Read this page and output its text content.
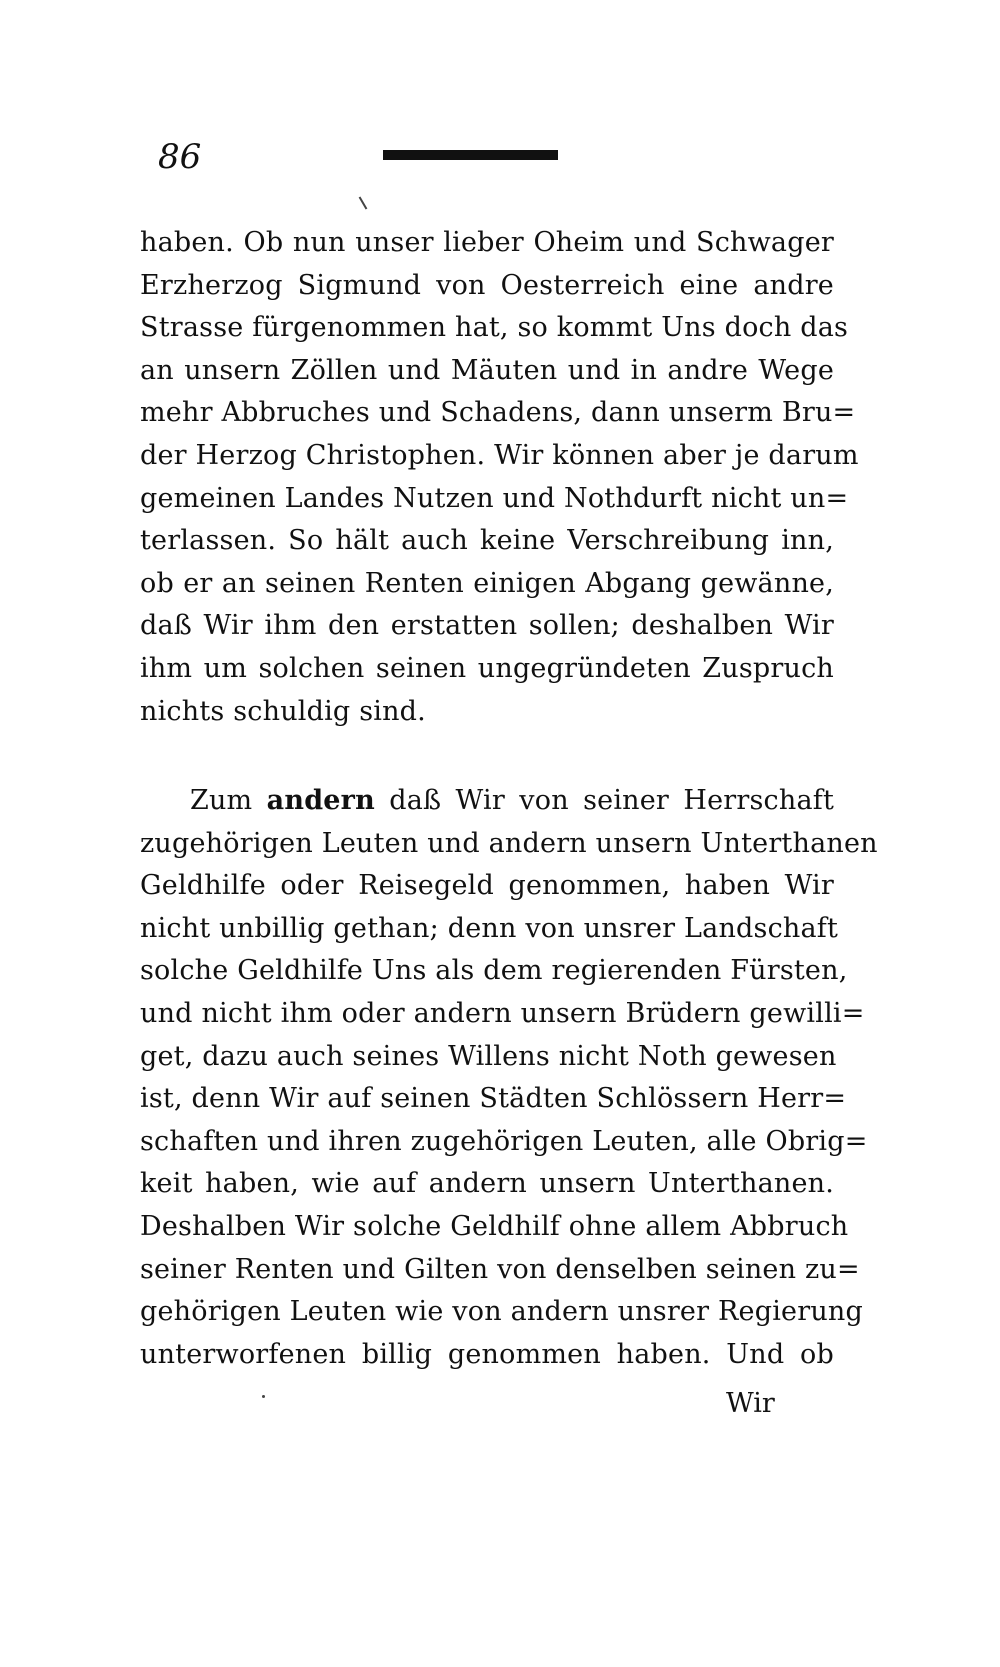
86
haben. Ob nun unser lieber Oheim und Schwager
Erzherzog Sigmund von Oesterreich eine andre
Strasse fürgenommen hat, so kommt Uns doch das
an unsern Zöllen und Mäuten und in andre Wege
mehr Abbruches und Schadens, dann unserm Bru=
der Herzog Christophen. Wir können aber je darum
gemeinen Landes Nutzen und Nothdurft nicht un=
terlassen. So hält auch keine Verschreibung inn,
ob er an seinen Renten einigen Abgang gewänne,
daß Wir ihm den erstatten sollen; deshalben Wir
ihm um solchen seinen ungegründeten Zuspruch
nichts schuldig sind.
Zum andern daß Wir von seiner Herrschaft
zugehörigen Leuten und andern unsern Unterthanen
Geldhilfe oder Reisegeld genommen, haben Wir
nicht unbillig gethan; denn von unsrer Landschaft
solche Geldhilfe Uns als dem regierenden Fürsten,
und nicht ihm oder andern unsern Brüdern gewilli=
get, dazu auch seines Willens nicht Noth gewesen
ist, denn Wir auf seinen Städten Schlössern Herr=
schaften und ihren zugehörigen Leuten, alle Obrig=
keit haben, wie auf andern unsern Unterthanen.
Deshalben Wir solche Geldhilf ohne allem Abbruch
seiner Renten und Gilten von denselben seinen zu=
gehörigen Leuten wie von andern unsrer Regierung
unterworfenen billig genommen haben. Und ob
Wir
